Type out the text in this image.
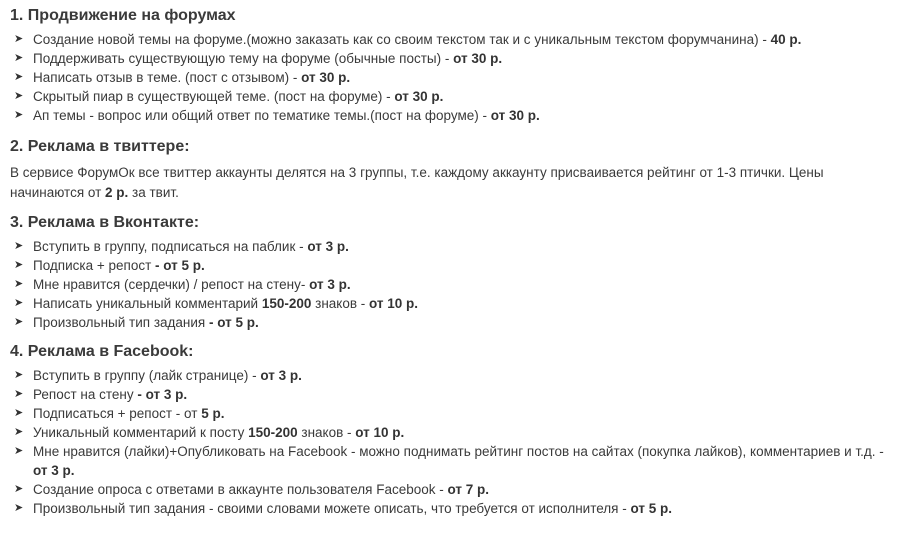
1. Продвижение на форумах
➤ Создание новой темы на форуме.(можно заказать как со своим текстом так и с уникальным текстом форумчанина) - 40 р.
➤ Поддерживать существующую тему на форуме (обычные посты) - от 30 р.
➤ Написать отзыв в теме. (пост с отзывом) - от 30 р.
➤ Скрытый пиар в существующей теме. (пост на форуме) - от 30 р.
➤ Ап темы - вопрос или общий ответ по тематике темы.(пост на форуме) - от 30 р.
2. Реклама в твиттере:

В сервисе ФорумОк все твиттер аккаунты делятся на 3 группы, т.е. каждому аккаунту присваивается рейтинг от 1-3 птички. Цены начинаются от 2 р. за твит.

3. Реклама в Вконтакте:
➤ Вступить в группу, подписаться на паблик - от 3 р.
➤ Подписка + репост - от 5 р.
➤ Мне нравится (сердечки) / репост на стену- от 3 р.
➤ Написать уникальный комментарий 150-200 знаков - от 10 р.
➤ Произвольный тип задания - от 5 р.
4. Реклама в Facebook:
➤ Вступить в группу (лайк странице) - от 3 р.
➤ Репост на стену - от 3 р.
➤ Подписаться + репост - от 5 р.
➤ Уникальный комментарий к посту 150-200 знаков - от 10 р.
➤ Мне нравится (лайки)+Опубликовать на Facebook - можно поднимать рейтинг постов на сайтах (покупка лайков), комментариев и т.д. - от 3 р.
➤ Создание опроса с ответами в аккаунте пользователя Facebook - от 7 р.
➤ Произвольный тип задания - своими словами можете описать, что требуется от исполнителя - от 5 р.
